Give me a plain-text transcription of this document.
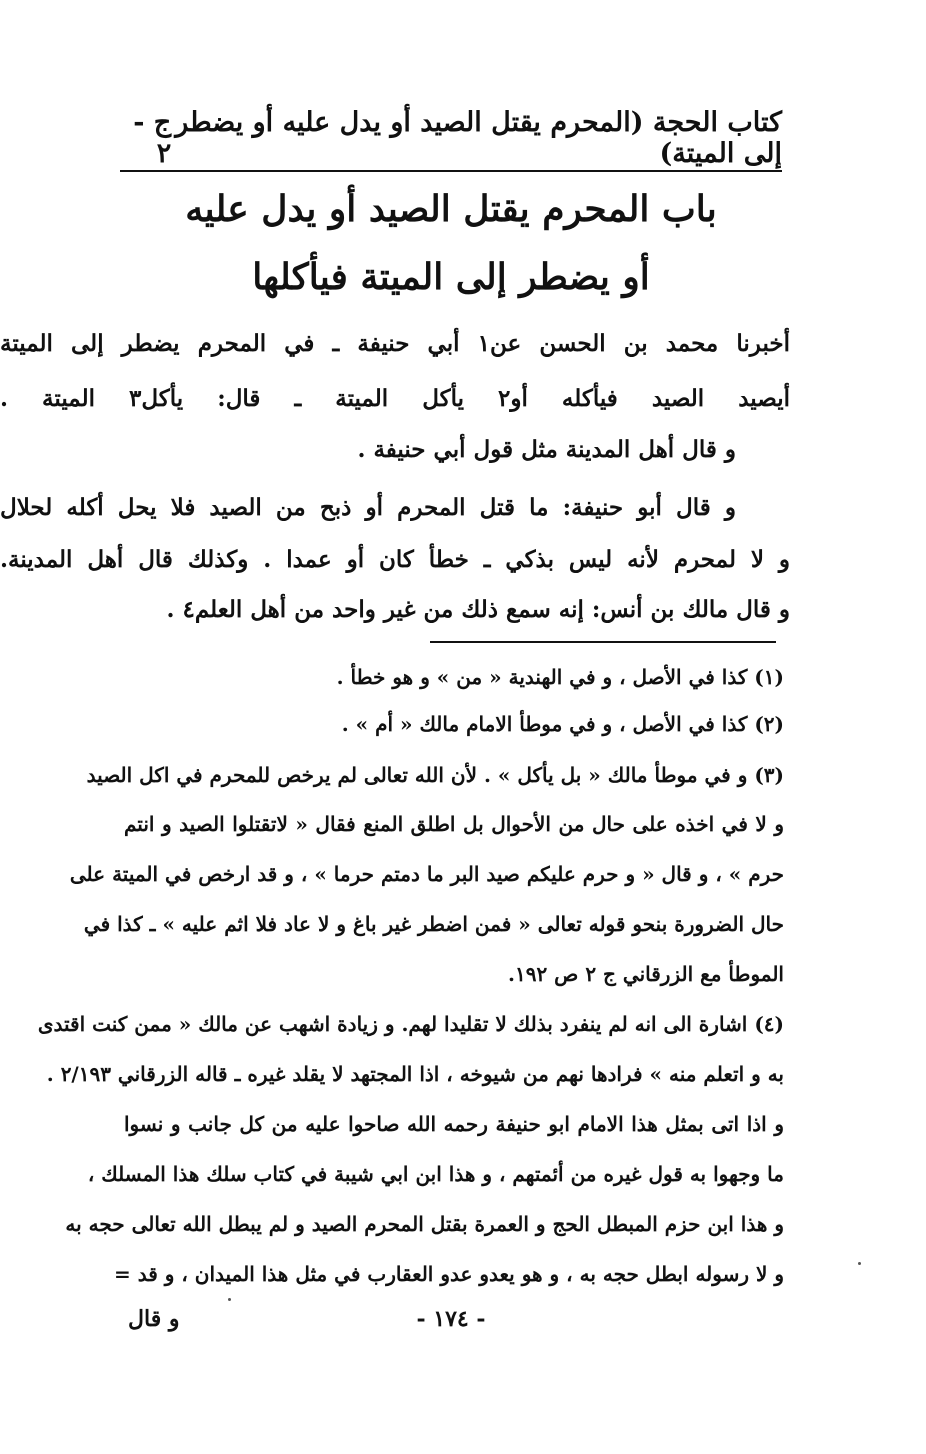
كتاب الحجة (المحرم يقتل الصيد أو يدل عليه أو يضطر إلى الميتة)
ج - ٢
باب المحرم يقتل الصيد أو يدل عليه
أو يضطر إلى الميتة فيأكلها
أخبرنا محمد بن الحسن عن١ أبي حنيفة ـ في المحرم يضطر إلى الميتة
أيصيد الصيد فيأكله أو٢ يأكل الميتة ـ قال: يأكل٣ الميتة .
و قال أهل المدينة مثل قول أبي حنيفة .
و قال أبو حنيفة: ما قتل المحرم أو ذبح من الصيد فلا يحل أكله لحلال
و لا لمحرم لأنه ليس بذكي ـ خطأ كان أو عمدا . وكذلك قال أهل المدينة.
و قال مالك بن أنس: إنه سمع ذلك من غير واحد من أهل العلم٤ .
(١) كذا في الأصل ، و في الهندية « من » و هو خطأ .
(٢) كذا في الأصل ، و في موطأ الامام مالك « أم » .
(٣) و في موطأ مالك « بل يأكل » . لأن الله تعالى لم يرخص للمحرم في اكل الصيد
و لا في اخذه على حال من الأحوال بل اطلق المنع فقال « لاتقتلوا الصيد و انتم
حرم » ، و قال « و حرم عليكم صيد البر ما دمتم حرما » ، و قد ارخص في الميتة على
حال الضرورة بنحو قوله تعالى « فمن اضطر غير باغ و لا عاد فلا اثم عليه » ـ كذا في
الموطأ مع الزرقاني ج ٢ ص ١٩٢.
(٤) اشارة الى انه لم ينفرد بذلك لا تقليدا لهم. و زيادة اشهب عن مالك « ممن كنت اقتدى
به و اتعلم منه » فرادها نهم من شيوخه ، اذا المجتهد لا يقلد غيره ـ قاله الزرقاني ٢/١٩٣ .
و اذا اتى بمثل هذا الامام ابو حنيفة رحمه الله صاحوا عليه من كل جانب و نسوا
ما وجهوا به قول غيره من أئمتهم ، و هذا ابن ابي شيبة في كتاب سلك هذا المسلك ،
و هذا ابن حزم المبطل الحج و العمرة بقتل المحرم الصيد و لم يبطل الله تعالى حجه به
و لا رسوله ابطل حجه به ، و هو يعدو عدو العقارب في مثل هذا الميدان ، و قد =
- ١٧٤ -
و قال
